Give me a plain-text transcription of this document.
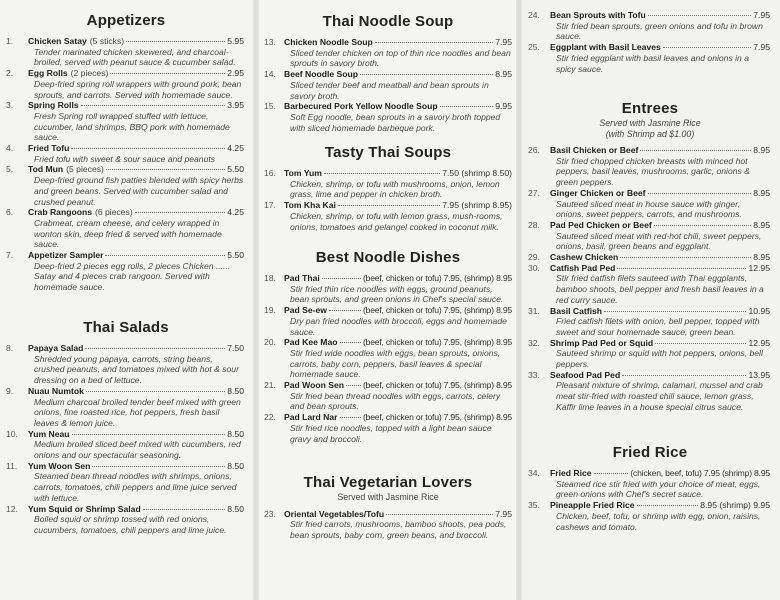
Appetizers
1. Chicken Satay (5 sticks)	5.95
Tender marinated chicken skewered, and charcoal-broiled, served with peanut sauce & cucumber salad.
2. Egg Rolls (2 pieces)	2.95
Deep-fried spring roll wrappers with ground pork, bean sprouts, and carrots. Served with homemade sauce.
3. Spring Rolls	3.95
Fresh Spring roll wrapped stuffed with lettuce, cucumber, land shrimps, BBQ pork with homemade sauce.
4. Fried Tofu	4.25
Fried tofu with sweet & sour sauce and peanuts
5. Tod Mun (5 pieces)	5.50
Deep-fried ground fish patties blended with spicy herbs and green beans. Served with cucumber salad and crushed peanut.
6. Crab Rangoons (6 pieces)	4.25
Crabmeat, cream cheese, and celery wrapped in wonton skin, deep fried & served with homemade sauce.
7. Appetizer Sampler	5.50
Deep-fried 2 pieces egg rolls, 2 pieces Chicken ...... Satay and 4 pieces crab rangoon. Served with homemade sauce.
Thai Salads
8. Papaya Salad	7.50
Shredded young papaya, carrots, string beans, crushed peanuts, and tomatoes mixed with hot & sour dressing on a bed of lettuce.
9. Nuau Numtok	8.50
Medium charcoal broiled tender beef mixed with green onions, fine roasted rice, hot peppers, fresh basil leaves & lemon juice.
10. Yum Neau	8.50
Medium broiled sliced beef mixed with cucumbers, red onions and our spectacular seasoning.
11. Yum Woon Sen	8.50
Steamed bean thread noodles with shrimps, onions, carrots, tomatoes, chili peppers and lime juice served with lettuce.
12. Yum Squid or Shrimp Salad	8.50
Boiled squid or shrimp tossed with red onions, cucumbers, tomatoes, chili peppers and lime juice.
Thai Noodle Soup
13. Chicken Noodle Soup	7.95
Sliced tender chicken on top of thin rice noodles and bean sprouts in savory broth.
14. Beef Noodle Soup	8.95
Sliced tender beef and meatball and bean sprouts in savory broth.
15. Barbecured Pork Yellow Noodle Soup	9.95
Soft Egg noodle, bean sprouts in a savory broth topped with sliced homemade barbeque pork.
Tasty Thai Soups
16. Tom Yum	7.50 (shrimp 8.50)
Chicken, shrimp, or tofu with mushrooms, onion, lemon grass, lime and pepper in chicken broth.
17. Tom Kha Kai	7.95 (shrimp 8.95)
Chicken, shrimp, or tofu with lemon grass, mush-rooms, onions, tomatoes and gelangel cooked in coconut milk.
Best Noodle Dishes
18. Pad Thai	(beef, chicken or tofu) 7.95, (shrimp) 8.95
Stir fried thin rice noodles with eggs, ground peanuts, bean sprouts, and green onions in Chef's special sauce.
19. Pad Se-ew	(beef, chicken or tofu) 7.95, (shrimp) 8.95
Dry pan fried noodles with broccoli, eggs and homemade sauce.
20. Pad Kee Mao	(beef, chicken or tofu) 7.95, (shrimp) 8.95
Stir fried wide noodles with eggs, bean sprouts, onions, carrots, baby corn, peppers, basil leaves & special homemade sauce.
21. Pad Woon Sen (beef, chicken or tofu) 7.95, (shrimp) 8.95
Stir fried bean thread noodles with eggs, carrots, celery and bean sprouts.
22. Pad Lard Nar	(beef, chicken or tofu) 7.95, (shrimp) 8.95
Stir fried rice noodles, topped with a light bean sauce gravy and broccoli.
Thai Vegetarian Lovers
Served with Jasmine Rice
23. Oriental Vegetables/Tofu	7.95
Stir fried carrots, mushrooms, bamboo shoots, pea pods, bean sprouts, baby corn, green beans, and broccoli.
24. Bean Sprouts with Tofu	7.95
Stir fried bean sprouts, green onions and tofu in brown sauce.
25. Eggplant with Basil Leaves	7.95
Stir fried eggplant with basil leaves and onions in a spicy sauce.
Entrees
Served with Jasmine Rice
(with Shrimp ad $1.00)
26. Basil Chicken or Beef	8.95
Stir fried chopped chicken breasts with minced hot peppers, basil leaves, mushrooms, garlic, onions & green peppers.
27. Ginger Chicken or Beef	8.95
Sauteed sliced meat in house sauce with ginger, onions, sweet peppers, carrots, and mushrooms.
28. Pad Ped Chicken or Beef	8.95
Sauteed sliced meat with red-hot chili, sweet peppers, onions, basil, green beans and eggplant.
29. Cashew Chicken	8.95
30. Catfish Pad Ped	12.95
Stir fried catfish filets sauteed with Thai eggplants, bamboo shoots, bell pepper and fresh basil leaves in a red curry sauce.
31. Basil Catfish	10.95
Fried catfish filets with onion, bell pepper, topped with sweet and sour homemade sauce, green bean.
32. Shrimp Pad Ped or Squid	12.95
Sauteed shrimp or squid with hot peppers, onions, bell peppers.
33. Seafood Pad Ped	13.95
Pleasant mixture of shrimp, calamari, mussel and crab meat stir-fried with roasted chili sauce, lemon grass, Kaffir lime leaves in a house special citrus sauce.
Fried Rice
34. Fried Rice	(chicken, beef, tofu) 7.95 (shrimp) 8.95
Steamed rice stir fried with your choice of meat, eggs, green onions with Chef's secret sauce.
35. Pineapple Fried Rice	8.95 (shrimp) 9.95
Chicken, beef, tofu, or shrimp with egg, onion, raisins, cashews and tomato.
